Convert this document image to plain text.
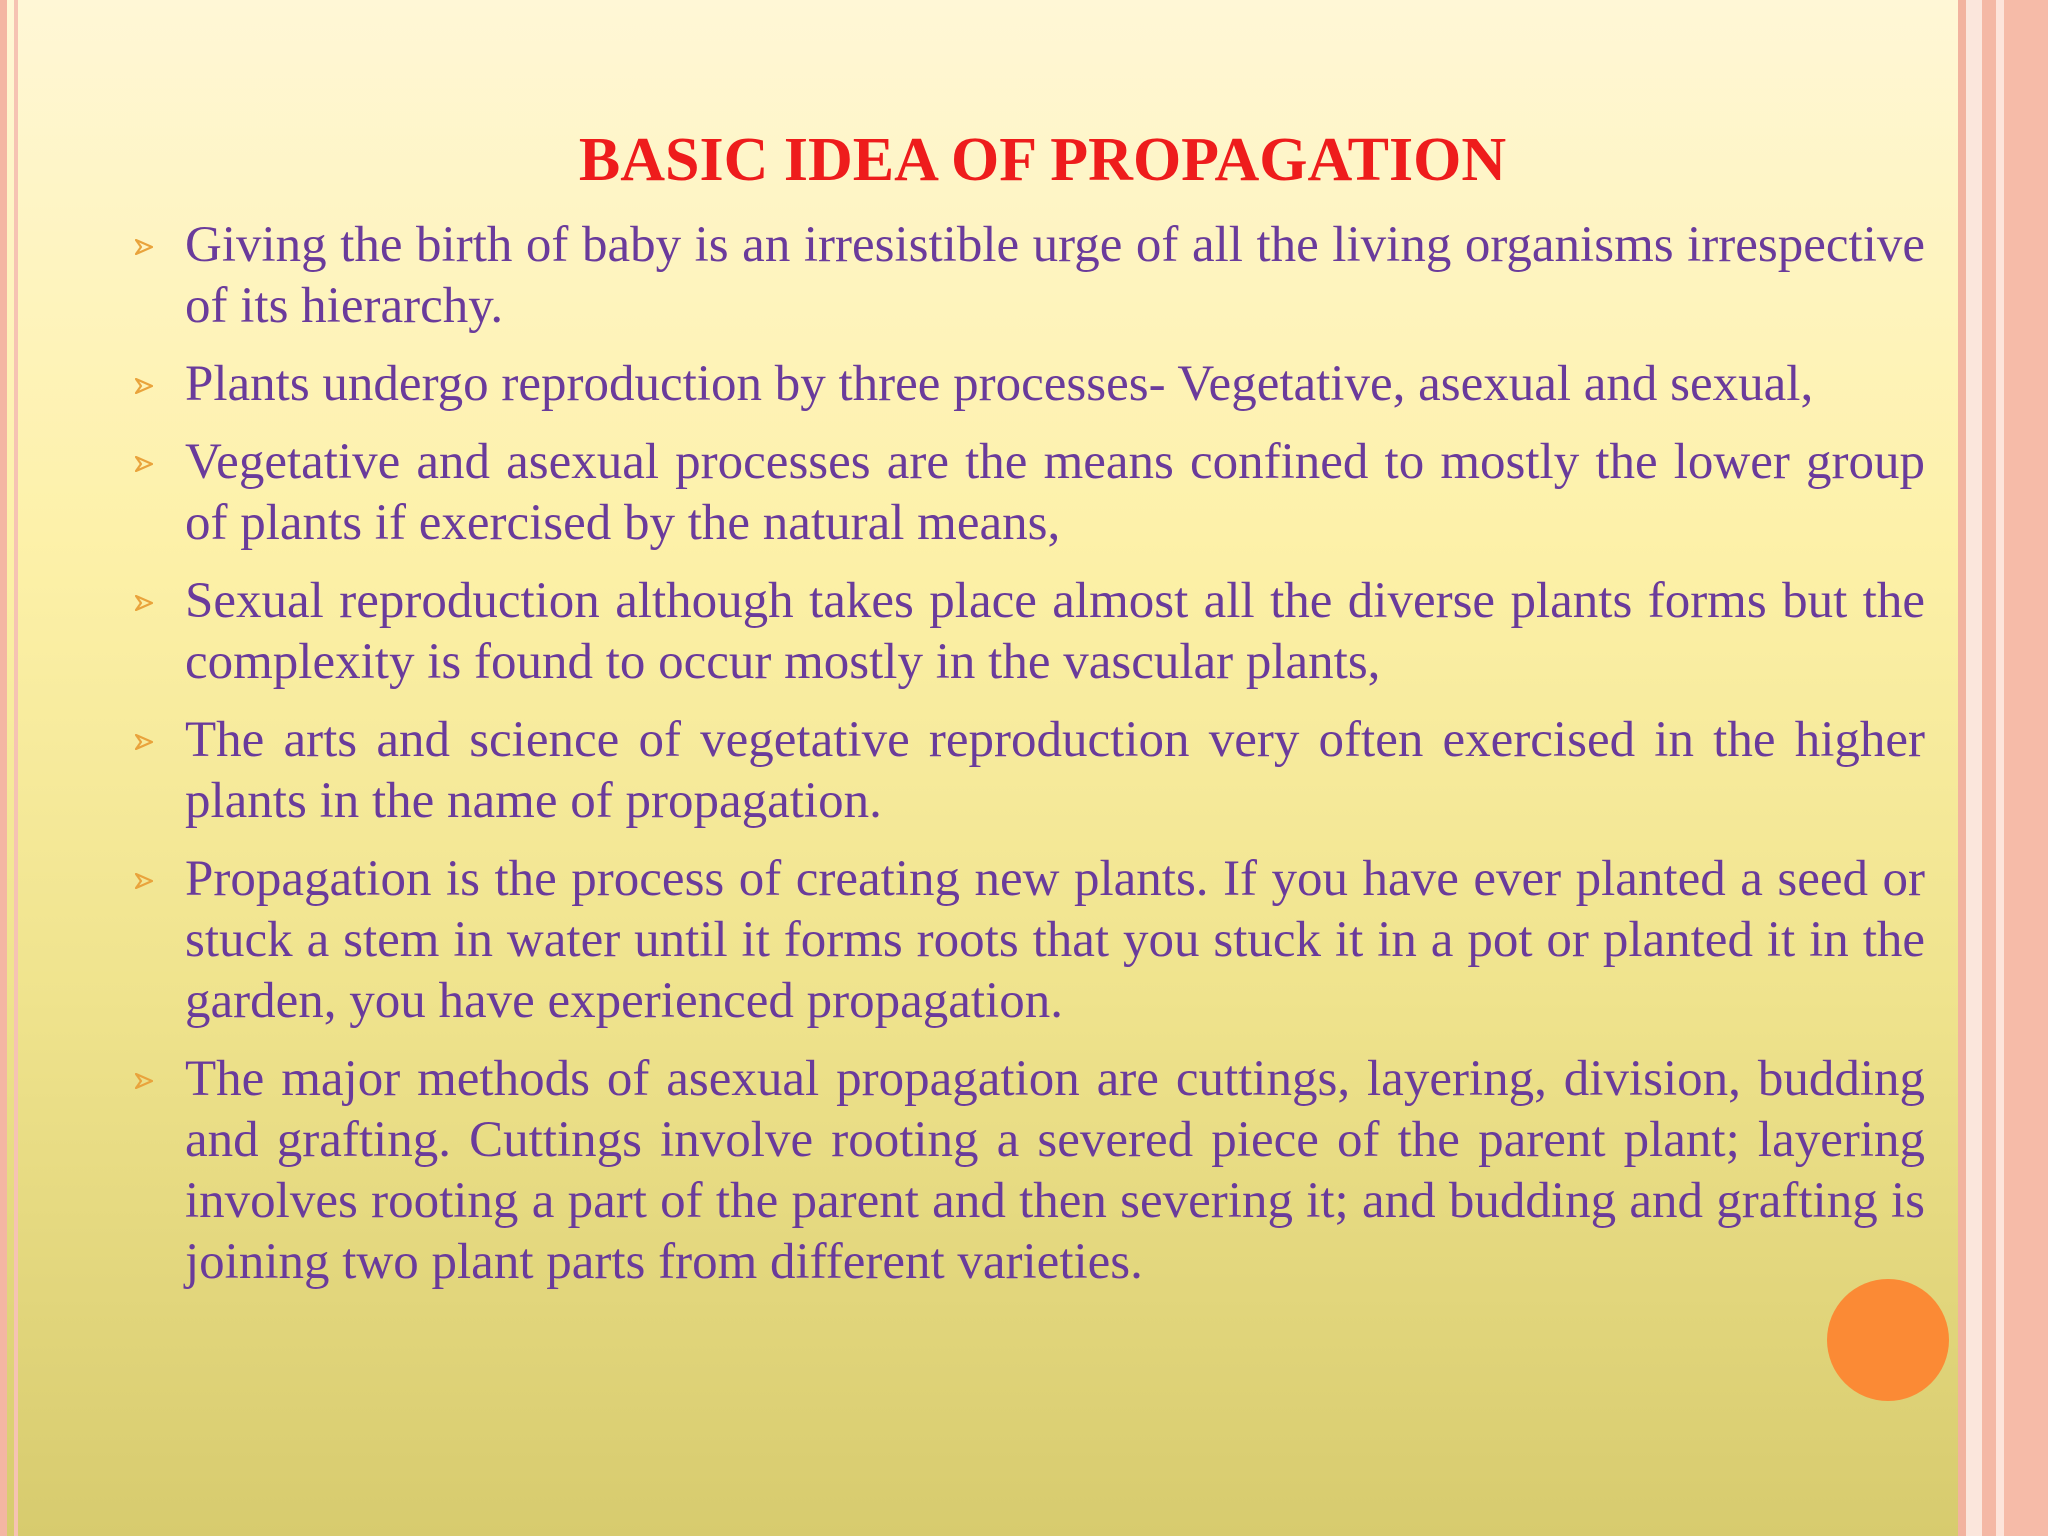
BASIC IDEA OF PROPAGATION
Giving the birth of baby is an irresistible urge of all the living organisms irrespective of its hierarchy.
Plants undergo reproduction by three processes- Vegetative, asexual and sexual,
Vegetative and asexual processes are the means confined to mostly the lower group of plants if exercised by the natural means,
Sexual reproduction although takes place almost all the diverse plants forms but the complexity is found to occur mostly in the vascular plants,
The arts and science of vegetative reproduction very often exercised in the higher plants in the name of propagation.
Propagation is the process of creating new plants. If you have ever planted a seed or stuck a stem in water until it forms roots that you stuck it in a pot or planted it in the garden, you have experienced propagation.
The major methods of asexual propagation are cuttings, layering, division, budding and grafting. Cuttings involve rooting a severed piece of the parent plant; layering involves rooting a part of the parent and then severing it; and budding and grafting is joining two plant parts from different varieties.
